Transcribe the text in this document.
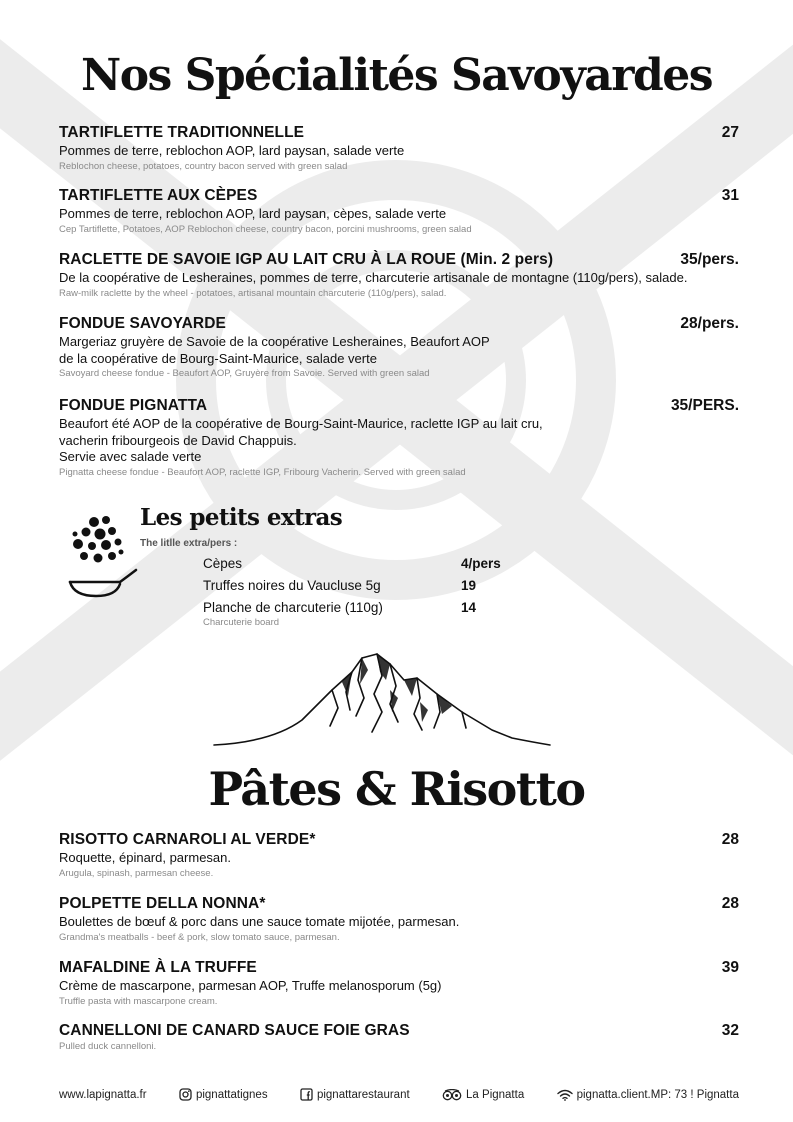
Nos Spécialités Savoyardes
TARTIFLETTE TRADITIONNELLE	27
Pommes de terre, reblochon AOP, lard paysan, salade verte
Reblochon cheese, potatoes, country bacon served with green salad
TARTIFLETTE AUX CÈPES	31
Pommes de terre, reblochon AOP, lard paysan, cèpes, salade verte
Cep Tartiflette, Potatoes, AOP Reblochon cheese, country bacon, porcini mushrooms, green salad
RACLETTE DE SAVOIE IGP AU LAIT CRU À LA ROUE (Min. 2 pers)	35/pers.
De la coopérative de Lesheraines, pommes de terre, charcuterie artisanale de montagne (110g/pers), salade.
Raw-milk raclette by the wheel - potatoes, artisanal mountain charcuterie (110g/pers), salad.
FONDUE SAVOYARDE	28/pers.
Margeriaz gruyère de Savoie de la coopérative Lesheraines, Beaufort AOP
de la coopérative de Bourg-Saint-Maurice, salade verte
Savoyard cheese fondue - Beaufort AOP, Gruyère from Savoie. Served with green salad
FONDUE PIGNATTA	35/PERS.
Beaufort été AOP de la coopérative de Bourg-Saint-Maurice, raclette IGP au lait cru,
vacherin fribourgeois de David Chappuis.
Servie avec salade verte
Pignatta cheese fondue - Beaufort AOP, raclette IGP, Fribourg Vacherin. Served with green salad
Les petits extras
The litlle extra/pers :
Cèpes	4/pers
Truffes noires du Vaucluse 5g	19
Planche de charcuterie (110g)	14
Charcuterie board
Pâtes & Risotto
RISOTTO CARNAROLI AL VERDE*	28
Roquette, épinard, parmesan.
Arugula, spinash, parmesan cheese.
POLPETTE DELLA NONNA*	28
Boulettes de bœuf & porc dans une sauce tomate mijotée, parmesan.
Grandma's meatballs - beef & pork, slow tomato sauce, parmesan.
MAFALDINE À LA TRUFFE	39
Crème de mascarpone, parmesan AOP, Truffe melanosporum (5g)
Truffle pasta with mascarpone cream.
CANNELLONI DE CANARD SAUCE FOIE GRAS	32
Pulled duck cannelloni.
www.lapignatta.fr	pignattatignes	pignattarestaurant	La Pignatta	pignatta.client.MP: 73 ! Pignatta
